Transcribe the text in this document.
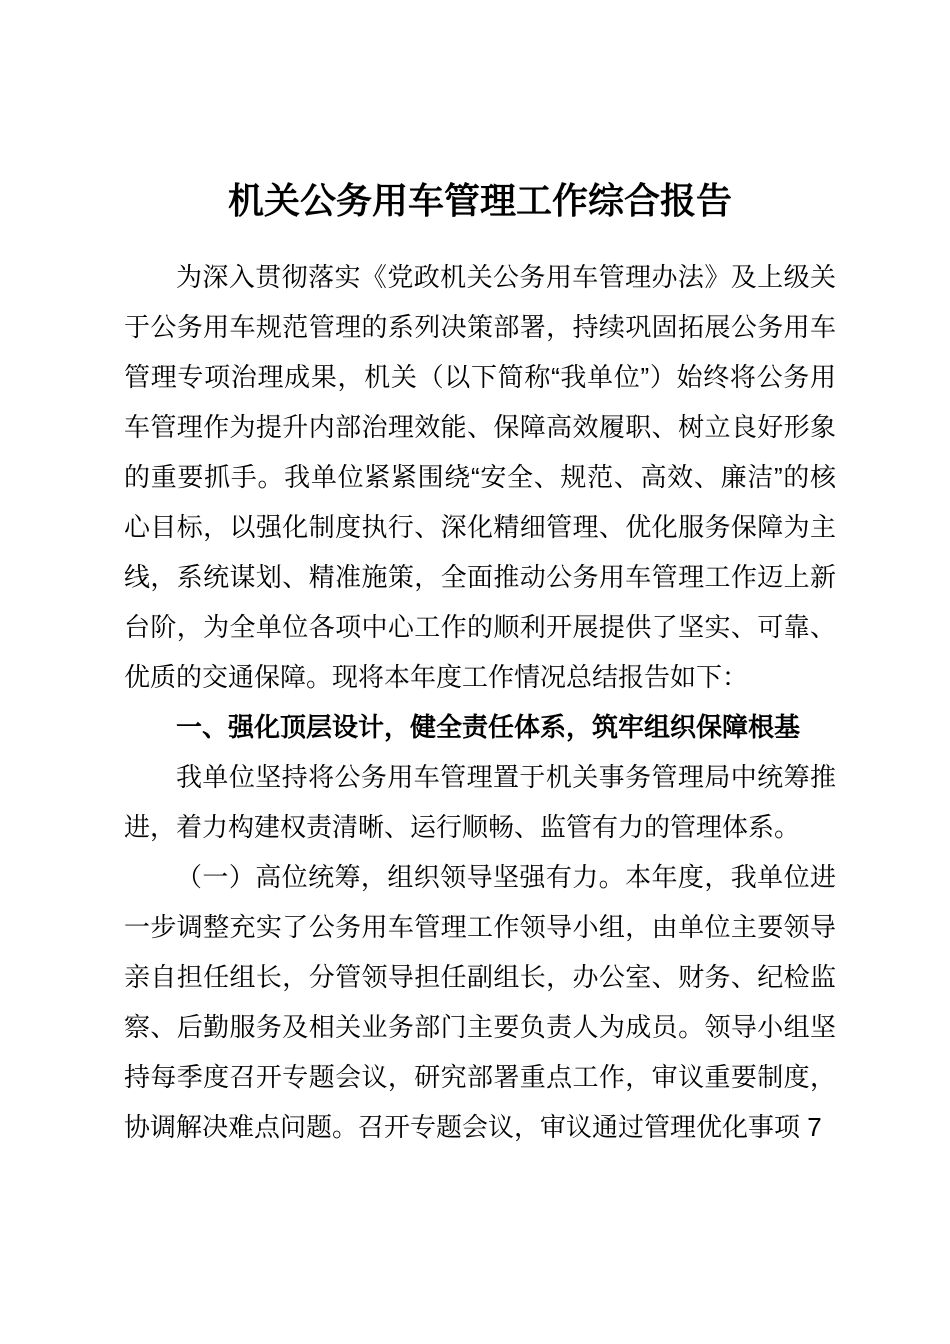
机关公务用车管理工作综合报告

为深入贯彻落实《党政机关公务用车管理办法》及上级关于公务用车规范管理的系列决策部署，持续巩固拓展公务用车管理专项治理成果，机关（以下简称“我单位”）始终将公务用车管理作为提升内部治理效能、保障高效履职、树立良好形象的重要抓手。我单位紧紧围绕“安全、规范、高效、廉洁”的核心目标，以强化制度执行、深化精细管理、优化服务保障为主线，系统谋划、精准施策，全面推动公务用车管理工作迈上新台阶，为全单位各项中心工作的顺利开展提供了坚实、可靠、优质的交通保障。现将本年度工作情况总结报告如下：

一、强化顶层设计，健全责任体系，筑牢组织保障根基

我单位坚持将公务用车管理置于机关事务管理局中统筹推进，着力构建权责清晰、运行顺畅、监管有力的管理体系。

（一）高位统筹，组织领导坚强有力。本年度，我单位进一步调整充实了公务用车管理工作领导小组，由单位主要领导亲自担任组长，分管领导担任副组长，办公室、财务、纪检监察、后勤服务及相关业务部门主要负责人为成员。领导小组坚持每季度召开专题会议，研究部署重点工作，审议重要制度，协调解决难点问题。召开专题会议，审议通过管理优化事项 7
